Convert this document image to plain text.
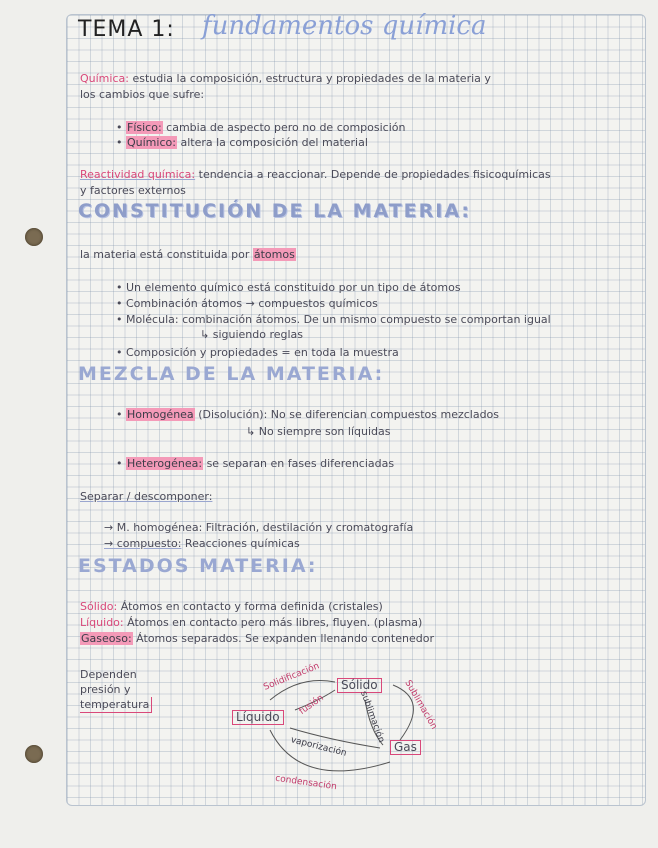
TEMA 1: fundamentos química
Química: estudia la composición, estructura y propiedades de la materia y
los cambios que sufre:
• Físico: cambia de aspecto pero no de composición
• Químico: altera la composición del material
Reactividad química: tendencia a reaccionar. Depende de propiedades fisicoquímicas
y factores externos
CONSTITUCIÓN DE LA MATERIA:
la materia está constituida por átomos
• Un elemento químico está constituido por un tipo de átomos
• Combinación átomos → compuestos químicos
• Molécula: combinación átomos. De un mismo compuesto se comportan igual
↳ siguiendo reglas
• Composición y propiedades = en toda la muestra
MEZCLA DE LA MATERIA:
• Homogénea (Disolución): No se diferencian compuestos mezclados
↳ No siempre son líquidas
• Heterogénea: se separan en fases diferenciadas
Separar / descomponer:
→ M. homogénea: Filtración, destilación y cromatografía
→ compuesto: Reacciones químicas
ESTADOS MATERIA:
Sólido: Átomos en contacto y forma definida (cristales)
Líquido: Átomos en contacto pero más libres, fluyen. (plasma)
Gaseoso: Átomos separados. Se expanden llenando contenedor
Dependen
presión y
temperatura
Sólido
Líquido
Gas
Solidificación
fusión	sublimación Sublimación
vaporización
condensación
